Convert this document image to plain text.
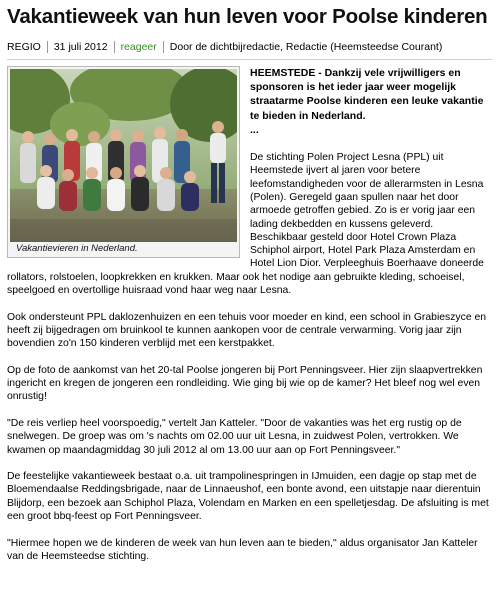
Vakantieweek van hun leven voor Poolse kinderen
REGIO 31 juli 2012 reageer Door de dichtbijredactie, Redactie (Heemsteedse Courant)
Vakantievieren in Nederland.

HEEMSTEDE - Dankzij vele vrijwilligers en sponsoren is het ieder jaar weer mogelijk straatarme Poolse kinderen een leuke vakantie te bieden in Nederland.
...

De stichting Polen Project Lesna (PPL) uit Heemstede ijvert al jaren voor betere leefomstandigheden voor de allerarmsten in Lesna (Polen). Geregeld gaan spullen naar het door armoede getroffen gebied. Zo is er vorig jaar een lading dekbedden en kussens geleverd. Beschikbaar gesteld door Hotel Crown Plaza Schiphol airport, Hotel Park Plaza Amsterdam en Hotel Lion Dior. Verpleeghuis Boerhaave doneerde rollators, rolstoelen, loopkrekken en krukken. Maar ook het nodige aan gebruikte kleding, schoeisel, speelgoed en overtollige huisraad vond haar weg naar Lesna.

Ook ondersteunt PPL daklozenhuizen en een tehuis voor moeder en kind, een school in Grabieszyce en heeft zij bijgedragen om bruinkool te kunnen aankopen voor de centrale verwarming. Vorig jaar zijn bovendien zo'n 150 kinderen verblijd met een kerstpakket.

Op de foto de aankomst van het 20-tal Poolse jongeren bij Port Penningsveer. Hier zijn slaapvertrekken ingericht en kregen de jongeren een rondleiding. Wie ging bij wie op de kamer? Het bleef nog wel even onrustig!

"De reis verliep heel voorspoedig," vertelt Jan Katteler. "Door de vakanties was het erg rustig op de snelwegen. De groep was om 's nachts om 02.00 uur uit Lesna, in zuidwest Polen, vertrokken. We kwamen op maandagmiddag 30 juli 2012 al om 13.00 uur aan op Fort Penningsveer."

De feestelijke vakantieweek bestaat o.a. uit trampolinespringen in IJmuiden, een dagje op stap met de Bloemendaalse Reddingsbrigade, naar de Linnaeushof, een bonte avond, een uitstapje naar dierentuin Blijdorp, een bezoek aan Schiphol Plaza, Volendam en Marken en een spelletjesdag. De afsluiting is met een groot bbq-feest op Fort Penningsveer.

"Hiermee hopen we de kinderen de week van hun leven aan te bieden," aldus organisator Jan Katteler van de Heemsteedse stichting.
